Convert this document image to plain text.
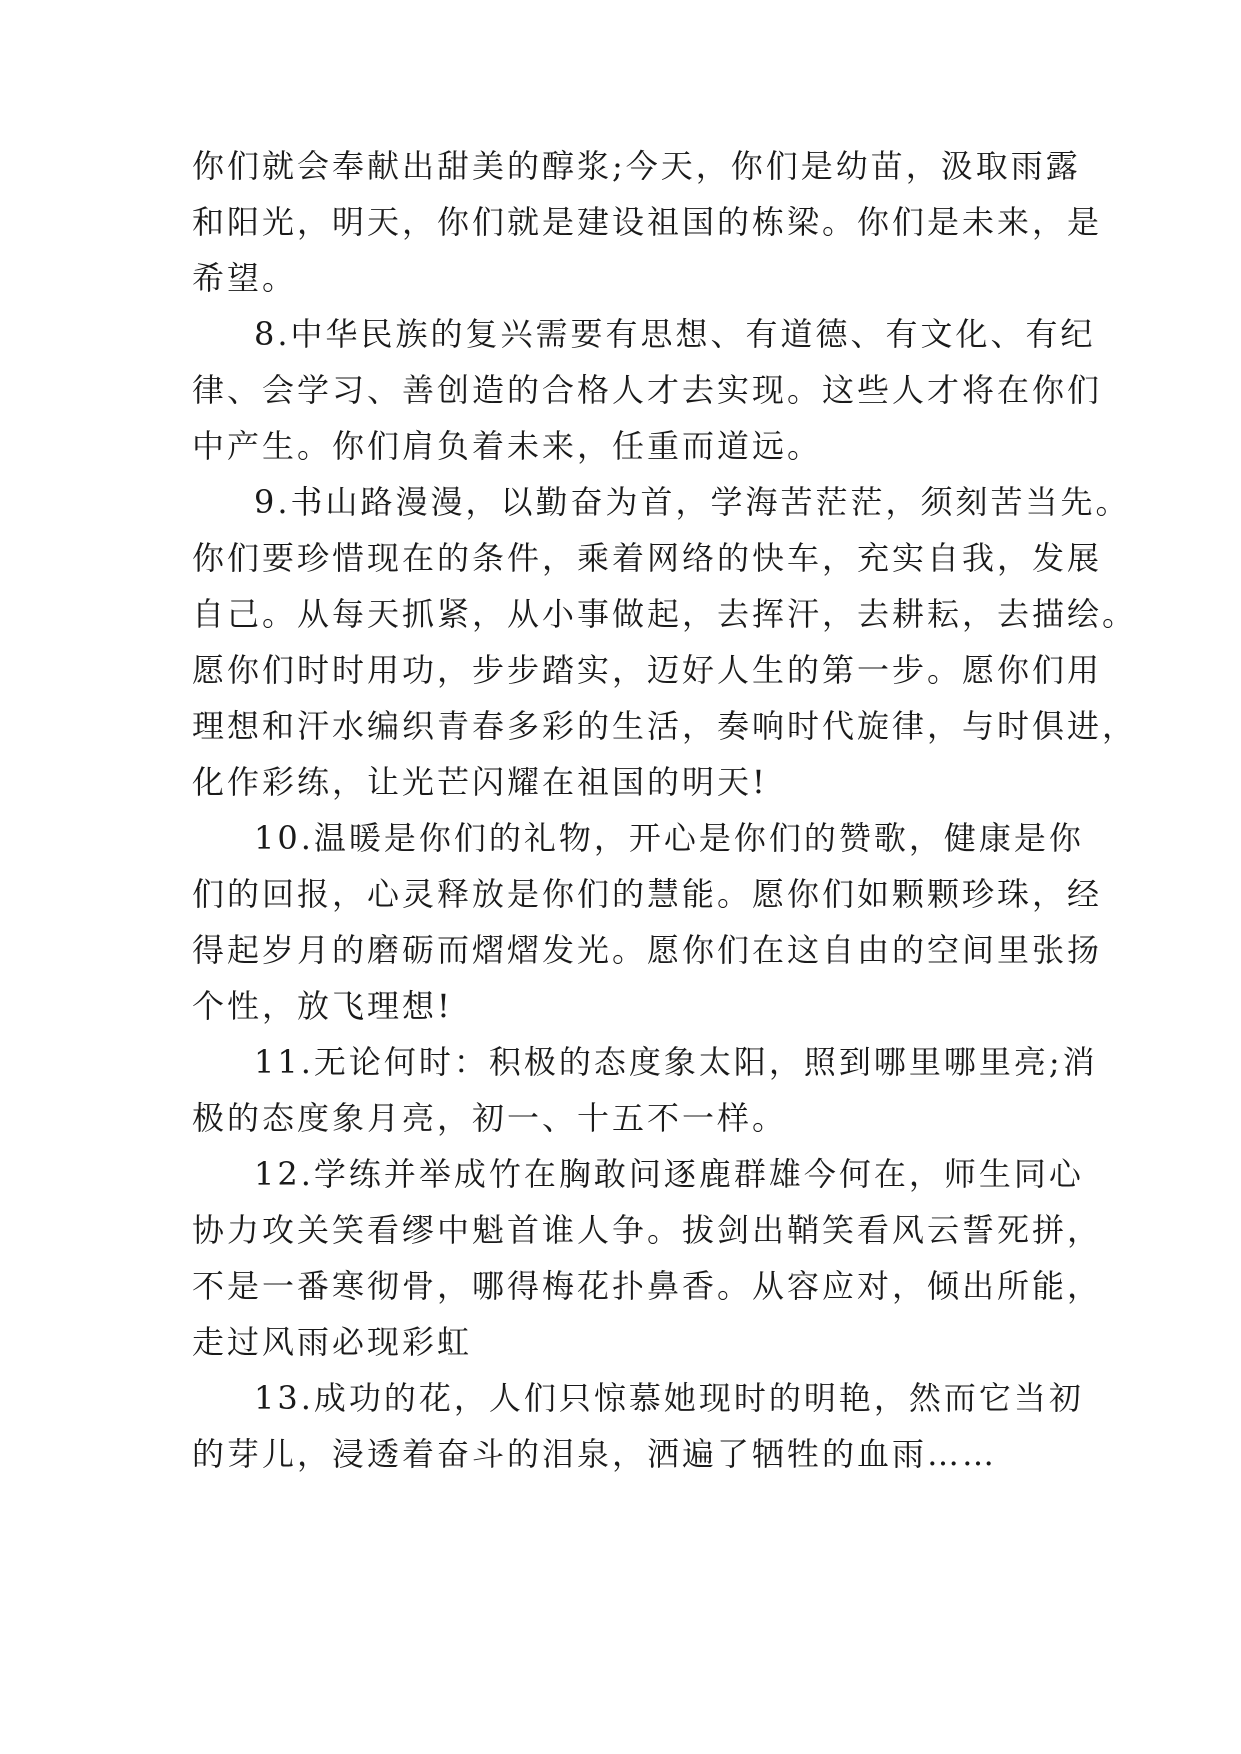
你们就会奉献出甜美的醇浆;今天，你们是幼苗，汲取雨露
和阳光，明天，你们就是建设祖国的栋梁。你们是未来，是
希望。
8.中华民族的复兴需要有思想、有道德、有文化、有纪
律、会学习、善创造的合格人才去实现。这些人才将在你们
中产生。你们肩负着未来，任重而道远。
9.书山路漫漫，以勤奋为首，学海苦茫茫，须刻苦当先。
你们要珍惜现在的条件，乘着网络的快车，充实自我，发展
自己。从每天抓紧，从小事做起，去挥汗，去耕耘，去描绘。
愿你们时时用功，步步踏实，迈好人生的第一步。愿你们用
理想和汗水编织青春多彩的生活，奏响时代旋律，与时俱进，
化作彩练，让光芒闪耀在祖国的明天!
10.温暖是你们的礼物，开心是你们的赞歌，健康是你
们的回报，心灵释放是你们的慧能。愿你们如颗颗珍珠，经
得起岁月的磨砺而熠熠发光。愿你们在这自由的空间里张扬
个性，放飞理想!
11.无论何时：积极的态度象太阳，照到哪里哪里亮;消
极的态度象月亮，初一、十五不一样。
12.学练并举成竹在胸敢问逐鹿群雄今何在，师生同心
协力攻关笑看缪中魁首谁人争。拔剑出鞘笑看风云誓死拼，
不是一番寒彻骨，哪得梅花扑鼻香。从容应对，倾出所能，
走过风雨必现彩虹
13.成功的花，人们只惊慕她现时的明艳，然而它当初
的芽儿，浸透着奋斗的泪泉，洒遍了牺牲的血雨……
